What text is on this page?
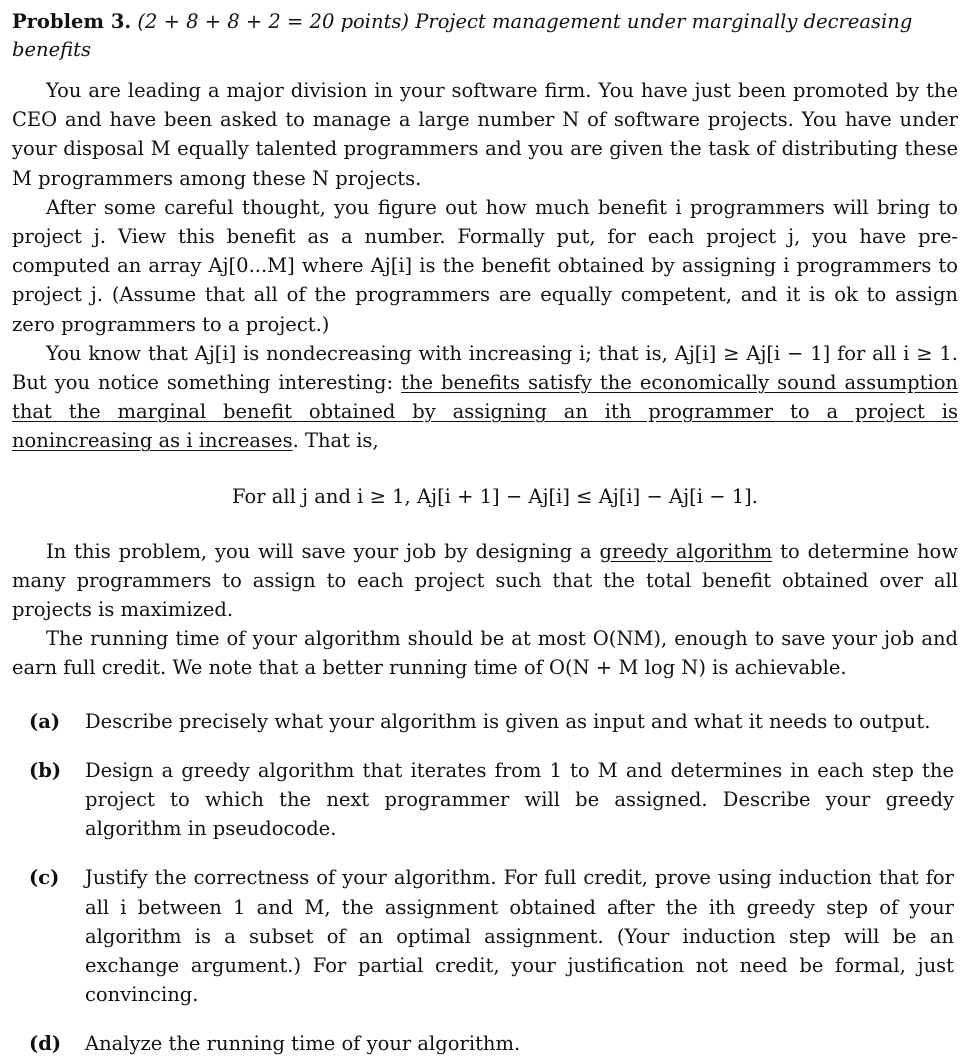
Problem 3. (2 + 8 + 8 + 2 = 20 points) Project management under marginally decreasing benefits

You are leading a major division in your software firm. You have just been promoted by the CEO and have been asked to manage a large number N of software projects. You have under your disposal M equally talented programmers and you are given the task of distributing these M programmers among these N projects.

After some careful thought, you figure out how much benefit i programmers will bring to project j. View this benefit as a number. Formally put, for each project j, you have pre-computed an array Aj[0...M] where Aj[i] is the benefit obtained by assigning i programmers to project j. (Assume that all of the programmers are equally competent, and it is ok to assign zero programmers to a project.)

You know that Aj[i] is nondecreasing with increasing i; that is, Aj[i] ≥ Aj[i − 1] for all i ≥ 1. But you notice something interesting: the benefits satisfy the economically sound assumption that the marginal benefit obtained by assigning an ith programmer to a project is nonincreasing as i increases. That is,

For all j and i ≥ 1, Aj[i + 1] − Aj[i] ≤ Aj[i] − Aj[i − 1].

In this problem, you will save your job by designing a greedy algorithm to determine how many programmers to assign to each project such that the total benefit obtained over all projects is maximized.

The running time of your algorithm should be at most O(NM), enough to save your job and earn full credit. We note that a better running time of O(N + M log N) is achievable.

(a)	Describe precisely what your algorithm is given as input and what it needs to output.
(b)	Design a greedy algorithm that iterates from 1 to M and determines in each step the project to which the next programmer will be assigned. Describe your greedy algorithm in pseudocode.
(c)	Justify the correctness of your algorithm. For full credit, prove using induction that for all i between 1 and M, the assignment obtained after the ith greedy step of your algorithm is a subset of an optimal assignment. (Your induction step will be an exchange argument.) For partial credit, your justification not need be formal, just convincing.
(d)	Analyze the running time of your algorithm.
